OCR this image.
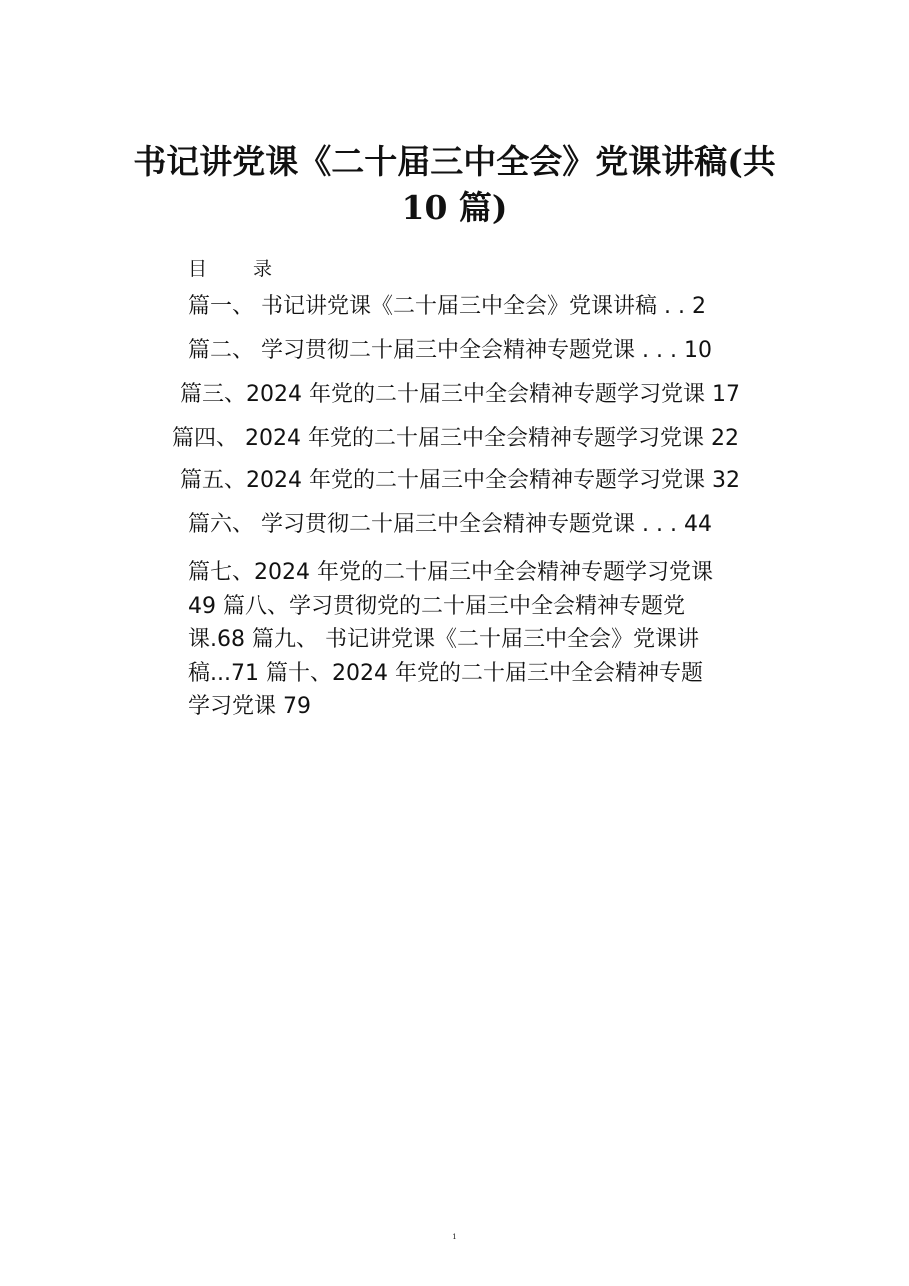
书记讲党课《二十届三中全会》党课讲稿(共
10 篇)
目 录
篇一、 书记讲党课《二十届三中全会》党课讲稿 . . 2
篇二、 学习贯彻二十届三中全会精神专题党课 . . . 10
篇三、2024 年党的二十届三中全会精神专题学习党课 17
篇四、 2024 年党的二十届三中全会精神专题学习党课 22
篇五、2024 年党的二十届三中全会精神专题学习党课 32
篇六、 学习贯彻二十届三中全会精神专题党课 . . . 44
篇七、2024 年党的二十届三中全会精神专题学习党课
49 篇八、学习贯彻党的二十届三中全会精神专题党
课.68 篇九、 书记讲党课《二十届三中全会》党课讲
稿...71 篇十、2024 年党的二十届三中全会精神专题
学习党课 79
1
